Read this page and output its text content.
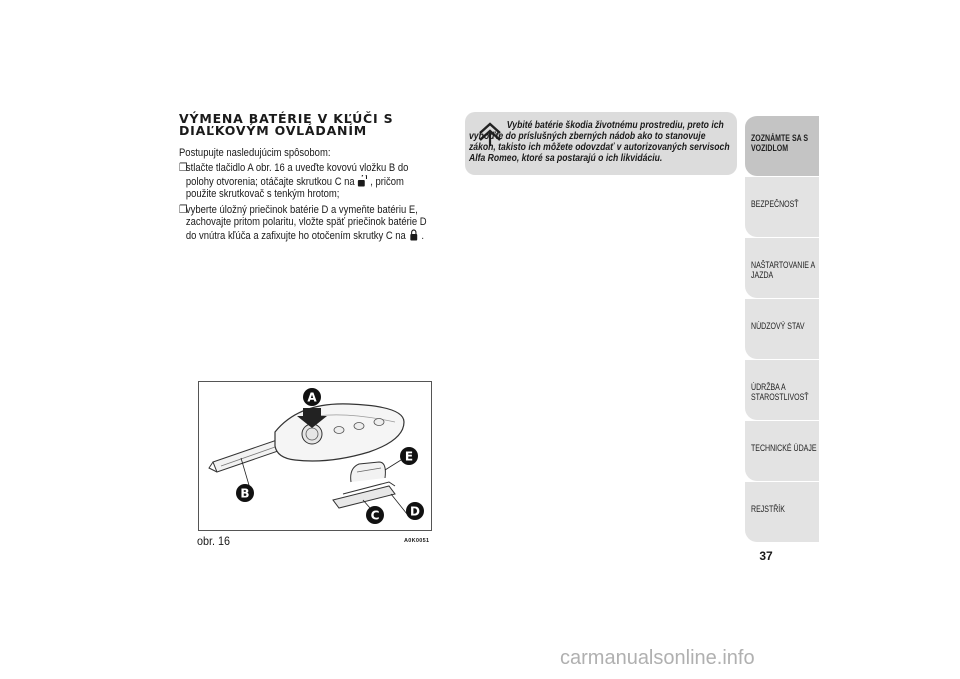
VÝMENA BATÉRIE V KĽÚČI S
DIAĽKOVÝM OVLÁDANÍM
Postupujte nasledujúcim spôsobom:
❒
stlačte tlačidlo A obr. 16 a uveďte kovovú vložku B do polohy otvorenia; otáčajte skrutkou C na , pričom použite skrutkovač s tenkým hrotom;
❒
vyberte úložný priečinok batérie D a vymeňte batériu E, zachovajte pritom polaritu, vložte späť priečinok batérie D do vnútra kľúča a zafixujte ho otočením skrutky C na .
A
B
C	D
E
obr. 16	A0K0051
Vybité batérie škodia životnému prostrediu, preto ich vyhoďte do príslušných zberných nádob ako to stanovuje zákon, takisto ich môžete odovzdať v autorizovaných servisoch Alfa Romeo, ktoré sa postarajú o ich likvidáciu.
ZOZNÁMTE SA S VOZIDLOM
BEZPEČNOSŤ
NAŠTARTOVANIE A JAZDA
NÚDZOVÝ STAV
ÚDRŽBA A STAROSTLIVOSŤ
TECHNICKÉ ÚDAJE
REJSTŘÍK
37
carmanualsonline.info
